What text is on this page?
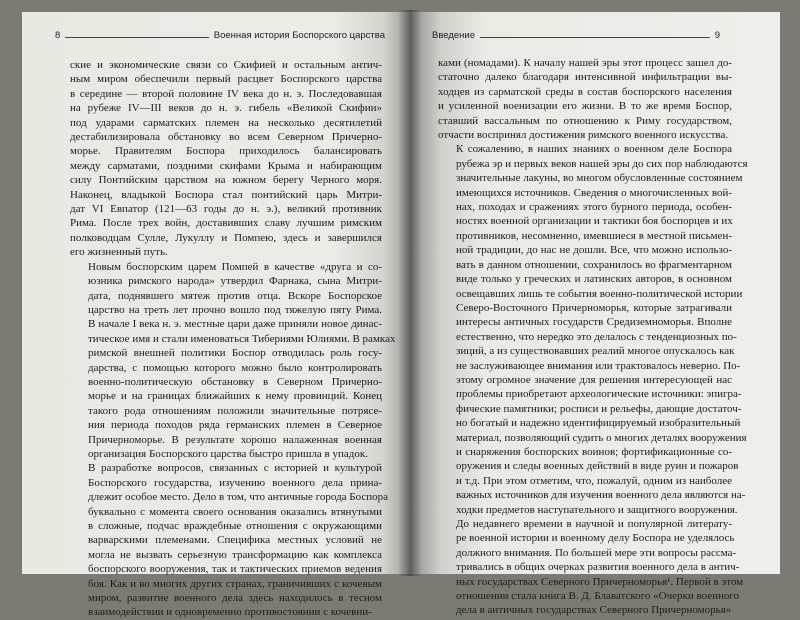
8	Военная история Боспорского царства	Введение	9

ские и экономические связи со Скифией и остальным антич-
ным миром обеспечили первый расцвет Боспорского царства
в середине — второй половине IV века до н. э. Последовавшая
на рубеже IV—III веков до н. э. гибель «Великой Скифии»
под ударами сарматских племен на несколько десятилетий
дестабилизировала обстановку во всем Северном Причерно-
морье. Правителям Боспора приходилось балансировать
между сарматами, поздними скифами Крыма и набирающим
силу Понтийским царством на южном берегу Черного моря.
Наконец, владыкой Боспора стал понтийский царь Митри-
дат VI Евпатор (121—63 годы до н. э.), великий противник
Рима. После трех войн, доставивших славу лучшим римским
полководцам Сулле, Лукуллу и Помпею, здесь и завершился
его жизненный путь.

Новым боспорским царем Помпей в качестве «друга и со-
юзника римского народа» утвердил Фарнака, сына Митри-
дата, поднявшего мятеж против отца. Вскоре Боспорское
царство на треть лет прочно вошло под тяжелую пяту Рима.
В начале I века н. э. местные цари даже приняли новое динас-
тическое имя и стали именоваться Тибериями Юлиями. В рамках
римской внешней политики Боспор отводилась роль госу-
дарства, с помощью которого можно было контролировать
военно-политическую обстановку в Северном Причерно-
морье и на границах ближайших к нему провинций. Конец
такого рода отношениям положили значительные потрясе-
ния периода походов ряда германских племен в Северное
Причерноморье. В результате хорошо налаженная военная
организация Боспорского царства быстро пришла в упадок.

В разработке вопросов, связанных с историей и культурой
Боспорского государства, изучению военного дела прина-
длежит особое место. Дело в том, что античные города Боспора
буквально с момента своего основания оказались втянутыми
в сложные, подчас враждебные отношения с окружающими
варварскими племенами. Специфика местных условий не
могла не вызвать серьезную трансформацию как комплекса
боспорского вооружения, так и тактических приемов ведения
боя. Как и во многих других странах, граничивших с кочевым
миром, развитие военного дела здесь находилось в тесном
взаимодействии и одновременно противостоянии с кочевни-

ками (номадами). К началу нашей эры этот процесс зашел до-
статочно далеко благодаря интенсивной инфильтрации вы-
ходцев из сарматской среды в состав боспорского населения
и усиленной военизации его жизни. В то же время Боспор,
ставший вассальным по отношению к Риму государством,
отчасти воспринял достижения римского военного искусства.

К сожалению, в наших знаниях о военном деле Боспора
рубежа эр и первых веков нашей эры до сих пор наблюдаются
значительные лакуны, во многом обусловленные состоянием
имеющихся источников. Сведения о многочисленных вой-
нах, походах и сражениях этого бурного периода, особен-
ностях военной организации и тактики боя боспорцев и их
противников, несомненно, имевшиеся в местной письмен-
ной традиции, до нас не дошли. Все, что можно использо-
вать в данном отношении, сохранилось во фрагментарном
виде только у греческих и латинских авторов, в основном
освещавших лишь те события военно-политической истории
Северо-Восточного Причерноморья, которые затрагивали
интересы античных государств Средиземноморья. Вполне
естественно, что нередко это делалось с тенденциозных по-
зиций, а из существовавших реалий многое опускалось как
не заслуживающее внимания или трактовалось неверно. По-
этому огромное значение для решения интересующей нас
проблемы приобретают археологические источники: эпигра-
фические памятники; росписи и рельефы, дающие достаточ-
но богатый и надежно идентифицируемый изобразительный
материал, позволяющий судить о многих деталях вооружения
и снаряжения боспорских воинов; фортификационные со-
оружения и следы военных действий в виде руин и пожаров
и т.д. При этом отметим, что, пожалуй, одним из наиболее
важных источников для изучения военного дела являются на-
ходки предметов наступательного и защитного вооружения.

До недавнего времени в научной и популярной литерату-
ре военной истории и военному делу Боспора не уделялось
должного внимания. По большей мере эти вопросы рассма-
тривались в общих очерках развития военного дела в антич-
ных государствах Северного Причерноморья¹. Первой в этом
отношении стала книга В. Д. Блаватского «Очерки военного
дела в античных государствах Северного Причерноморья»
